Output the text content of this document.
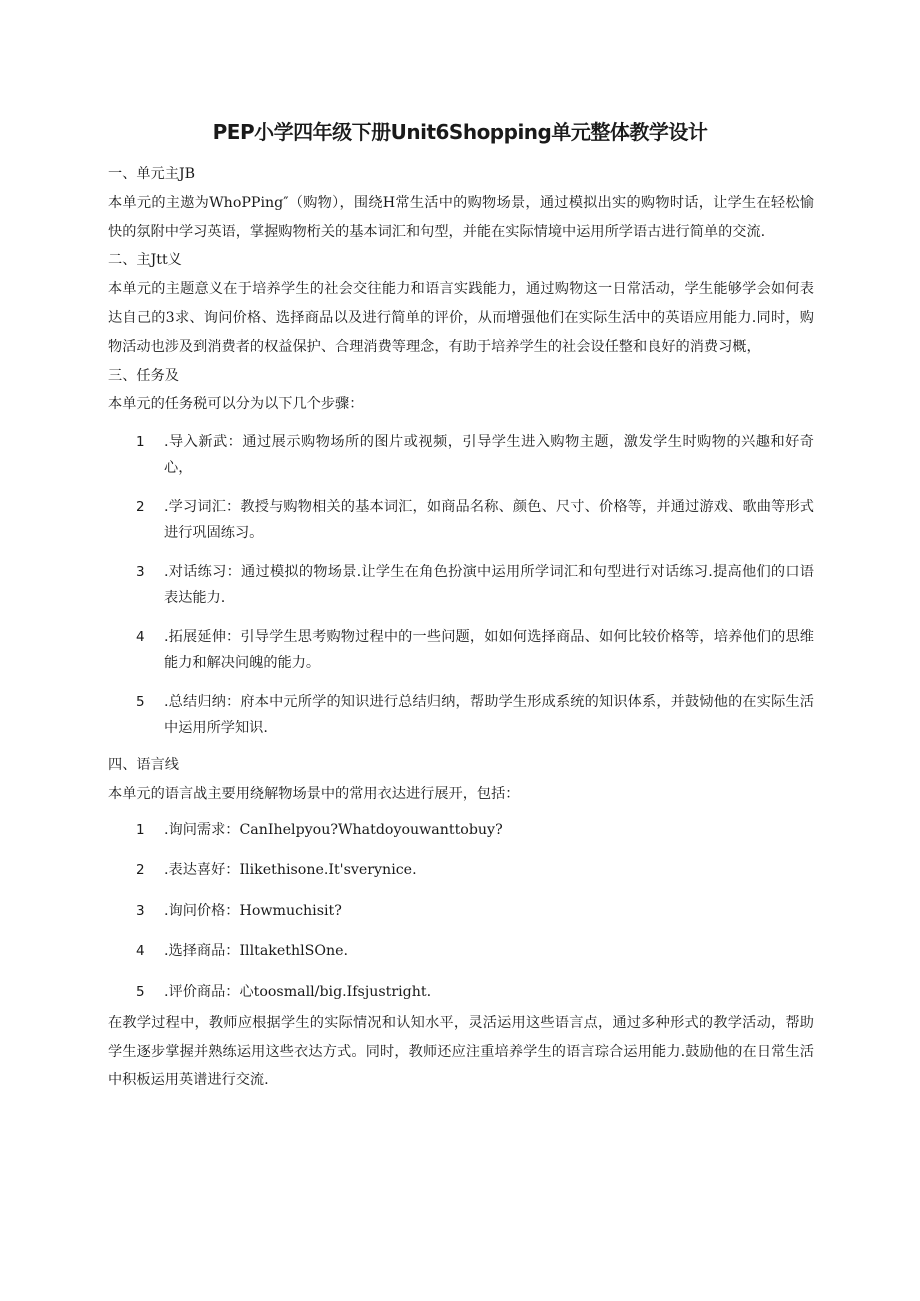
PEP小学四年级下册Unit6Shopping单元整体教学设计
一、单元主JB

本单元的主遨为WhoPPing″（购物），围绕H常生活中的购物场景，通过模拟出实的购物时话，让学生在轻松愉快的氛附中学习英语，掌握购物桁关的基本词汇和句型，并能在实际情境中运用所学语古进行简单的交流.

二、主Jtt义

本单元的主题意义在于培养学生的社会交往能力和语言实践能力，通过购物这一日常活动，学生能够学会如何表达自己的3求、询问价格、选择商品以及进行简单的评价，从而增强他们在实际生活中的英语应用能力.同时，购物活动也涉及到消费者的权益保护、合理消费等理念，有助于培养学生的社会设任整和良好的消费习概，

三、任务及

本单元的任务税可以分为以下几个步骤：

1	.导入新武：通过展示购物场所的图片或视频，引导学生进入购物主题，激发学生时购物的兴趣和好奇心，
2	.学习词汇：教授与购物相关的基本词汇，如商品名称、颜色、尺寸、价格等，并通过游戏、歌曲等形式进行巩固练习。
3	.对话练习：通过模拟的物场景.让学生在角色扮演中运用所学词汇和句型进行对话练习.提高他们的口语表达能力.
4	.拓展延伸：引导学生思考购物过程中的一些问题，如如何选择商品、如何比较价格等，培养他们的思维能力和解决问魄的能力。
5	.总结归纳：府本中元所学的知识进行总结归纳，帮助学生形成系统的知识体系，并鼓恸他的在实际生活中运用所学知识.
四、语言线

本单元的语言战主要用绕解物场景中的常用衣达进行展开，包括：

1	.询问需求：CanIhelpyou?Whatdoyouwanttobuy?
2	.表达喜好：Ilikethisone.It'sverynice.
3	.询问价格：Howmuchisit?
4	.选择商品：IlltakethlSOne.
5	.评价商品：心toosmall/big.Ifsjustright.

在教学过程中，教师应根据学生的实际情况和认知水平，灵活运用这些语言点，通过多种形式的教学活动，帮助学生逐步掌握并熟练运用这些衣达方式。同时，教师还应注重培养学生的语言琮合运用能力.鼓励他的在日常生活中积板运用英谱进行交流.
